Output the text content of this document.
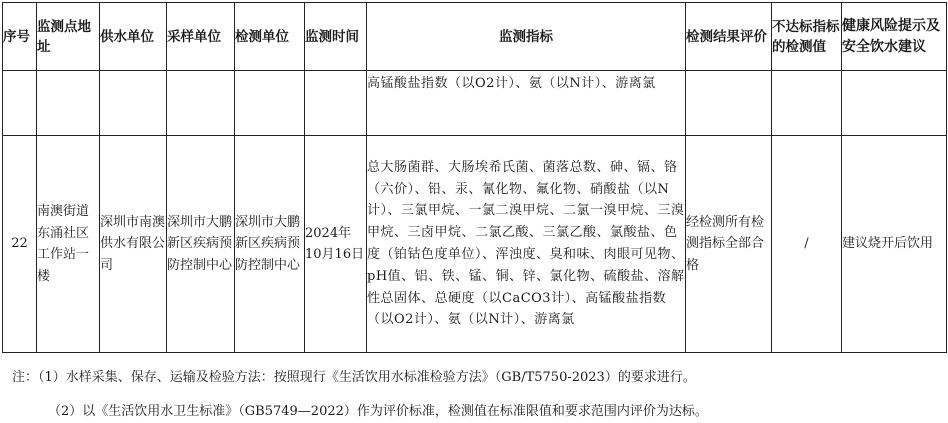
序号	监测点地址	供水单位	采样单位	检测单位	监测时间	监测指标	检测结果评价	不达标指标的检测值	健康风险提示及安全饮水建议
						高锰酸盐指数（以O2计）、氨（以N计）、游离氯			
22	南澳街道东涌社区工作站一楼	深圳市南澳供水有限公司	深圳市大鹏新区疾病预防控制中心	深圳市大鹏新区疾病预防控制中心	2024年10月16日	总大肠菌群、大肠埃希氏菌、菌落总数、砷、镉、铬（六价）、铅、汞、氰化物、氟化物、硝酸盐（以N计）、三氯甲烷、一氯二溴甲烷、二氯一溴甲烷、三溴甲烷、三卤甲烷、二氯乙酸、三氯乙酸、氯酸盐、色度（铂钴色度单位）、浑浊度、臭和味、肉眼可见物、pH值、铝、铁、锰、铜、锌、氯化物、硫酸盐、溶解性总固体、总硬度（以CaCO3计）、高锰酸盐指数（以O2计）、氨（以N计）、游离氯	经检测所有检测指标全部合格	/	建议烧开后饮用
注：（1）水样采集、保存、运输及检验方法：按照现行《生活饮用水标准检验方法》（GB/T5750-2023）的要求进行。
（2）以《生活饮用水卫生标准》（GB5749—2022）作为评价标准，检测值在标准限值和要求范围内评价为达标。
